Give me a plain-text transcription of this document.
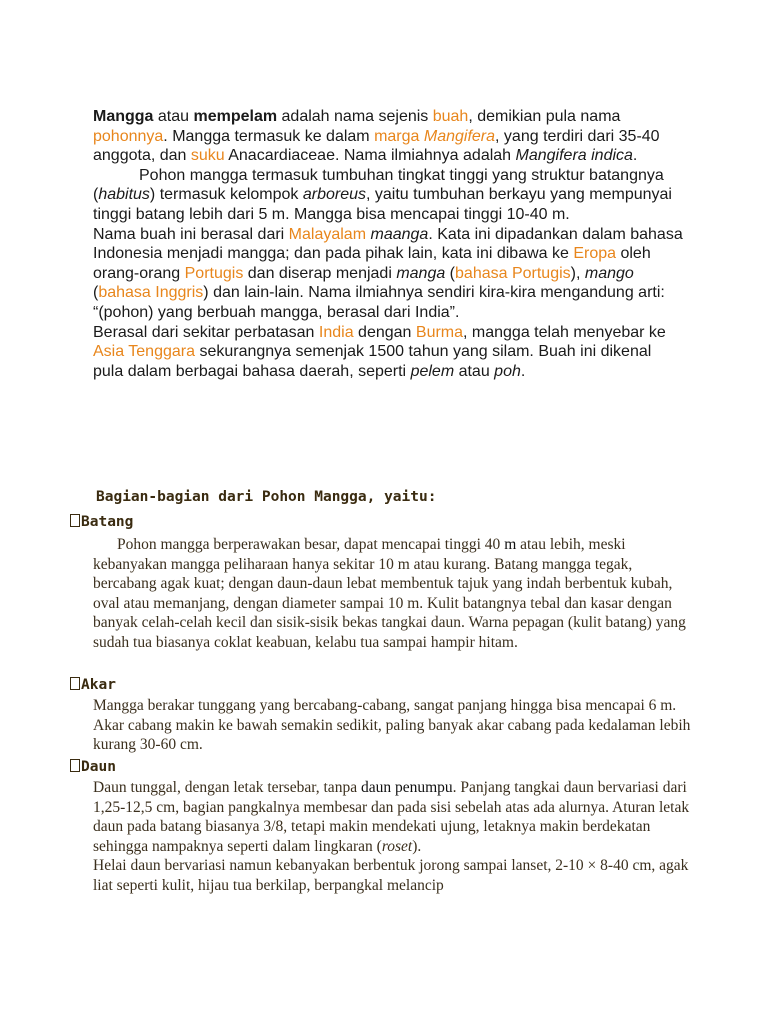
Mangga atau mempelam adalah nama sejenis buah, demikian pula nama pohonnya. Mangga termasuk ke dalam marga Mangifera, yang terdiri dari 35-40 anggota, dan suku Anacardiaceae. Nama ilmiahnya adalah Mangifera indica.

Pohon mangga termasuk tumbuhan tingkat tinggi yang struktur batangnya (habitus) termasuk kelompok arboreus, yaitu tumbuhan berkayu yang mempunyai tinggi batang lebih dari 5 m. Mangga bisa mencapai tinggi 10-40 m.

Nama buah ini berasal dari Malayalam maanga. Kata ini dipadankan dalam bahasa Indonesia menjadi mangga; dan pada pihak lain, kata ini dibawa ke Eropa oleh orang-orang Portugis dan diserap menjadi manga (bahasa Portugis), mango (bahasa Inggris) dan lain-lain. Nama ilmiahnya sendiri kira-kira mengandung arti: “(pohon) yang berbuah mangga, berasal dari India”.

Berasal dari sekitar perbatasan India dengan Burma, mangga telah menyebar ke Asia Tenggara sekurangnya semenjak 1500 tahun yang silam. Buah ini dikenal pula dalam berbagai bahasa daerah, seperti pelem atau poh.

Bagian-bagian dari Pohon Mangga, yaitu:
Batang

Pohon mangga berperawakan besar, dapat mencapai tinggi 40 m atau lebih, meski kebanyakan mangga peliharaan hanya sekitar 10 m atau kurang. Batang mangga tegak, bercabang agak kuat; dengan daun-daun lebat membentuk tajuk yang indah berbentuk kubah, oval atau memanjang, dengan diameter sampai 10 m. Kulit batangnya tebal dan kasar dengan banyak celah-celah kecil dan sisik-sisik bekas tangkai daun. Warna pepagan (kulit batang) yang sudah tua biasanya coklat keabuan, kelabu tua sampai hampir hitam.

Akar

Mangga berakar tunggang yang bercabang-cabang, sangat panjang hingga bisa mencapai 6 m. Akar cabang makin ke bawah semakin sedikit, paling banyak akar cabang pada kedalaman lebih kurang 30-60 cm.

Daun

Daun tunggal, dengan letak tersebar, tanpa daun penumpu. Panjang tangkai daun bervariasi dari 1,25-12,5 cm, bagian pangkalnya membesar dan pada sisi sebelah atas ada alurnya. Aturan letak daun pada batang biasanya 3/8, tetapi makin mendekati ujung, letaknya makin berdekatan sehingga nampaknya seperti dalam lingkaran (roset).

Helai daun bervariasi namun kebanyakan berbentuk jorong sampai lanset, 2-10 × 8-40 cm, agak liat seperti kulit, hijau tua berkilap, berpangkal melancip
